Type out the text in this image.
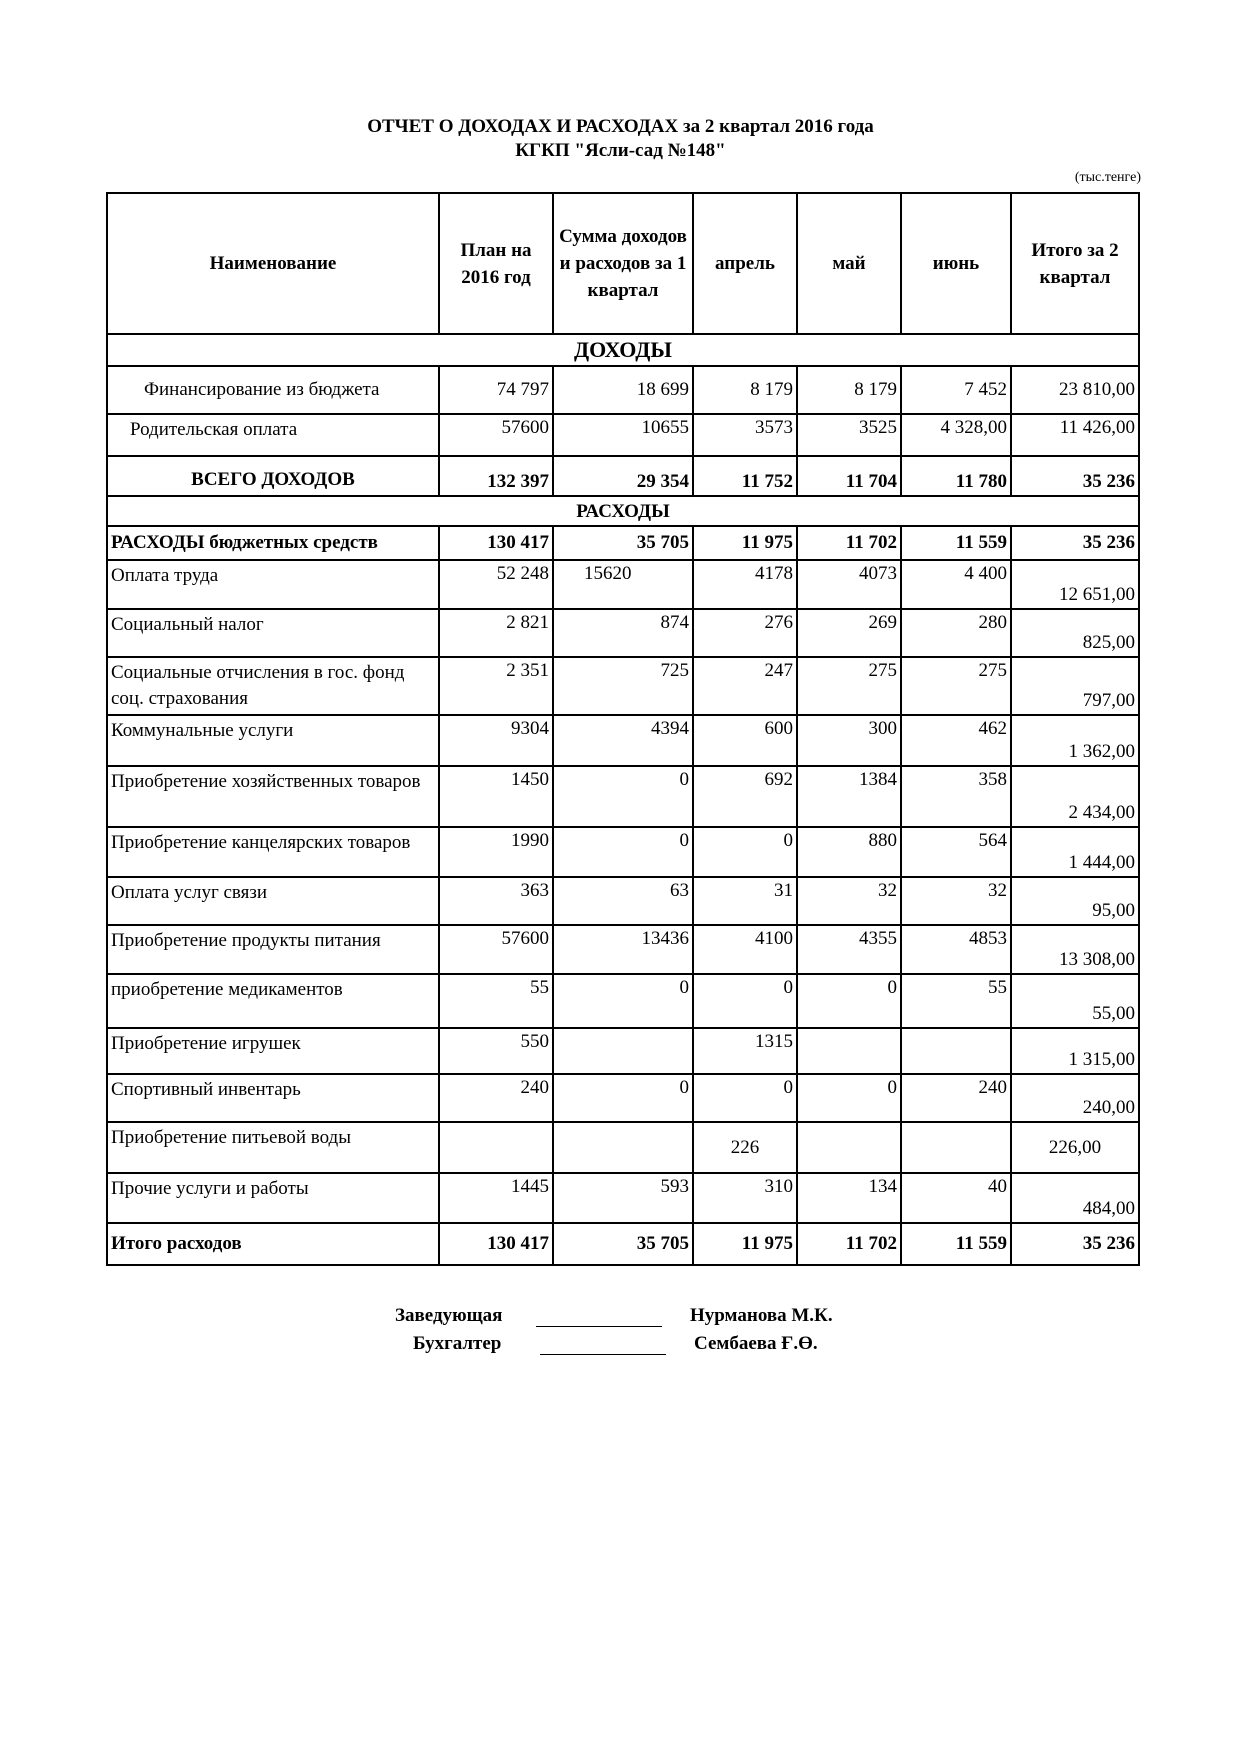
ОТЧЕТ О ДОХОДАХ И РАСХОДАХ за 2 квартал 2016 года
КГКП "Ясли-сад №148"
(тыс.тенге)
Наименование	План на 2016 год	Сумма доходов и расходов за 1 квартал	апрель	май	июнь	Итого за 2 квартал
ДОХОДЫ						
Финансирование из бюджета	74 797	18 699	8 179	8 179	7 452	23 810,00
Родительская оплата	57600	10655	3573	3525	4 328,00	11 426,00
ВСЕГО ДОХОДОВ	132 397	29 354	11 752	11 704	11 780	35 236
РАСХОДЫ						
РАСХОДЫ бюджетных средств	130 417	35 705	11 975	11 702	11 559	35 236
Оплата труда	52 248	15620	4178	4073	4 400	12 651,00
Социальный налог	2 821	874	276	269	280	825,00
Социальные отчисления в гос. фонд соц. страхования	2 351	725	247	275	275	797,00
Коммунальные услуги	9304	4394	600	300	462	1 362,00
Приобретение хозяйственных товаров	1450	0	692	1384	358	2 434,00
Приобретение канцелярских товаров	1990	0	0	880	564	1 444,00
Оплата услуг связи	363	63	31	32	32	95,00
Приобретение продукты питания	57600	13436	4100	4355	4853	13 308,00
приобретение медикаментов	55	0	0	0	55	55,00
Приобретение игрушек	550		1315			1 315,00
Спортивный инвентарь	240	0	0	0	240	240,00
Приобретение питьевой воды			226			226,00
Прочие услуги и работы	1445	593	310	134	40	484,00
Итого расходов	130 417	35 705	11 975	11 702	11 559	35 236
Заведующая	Нурманова М.К.
Бухгалтер	Сембаева Ғ.Ө.
